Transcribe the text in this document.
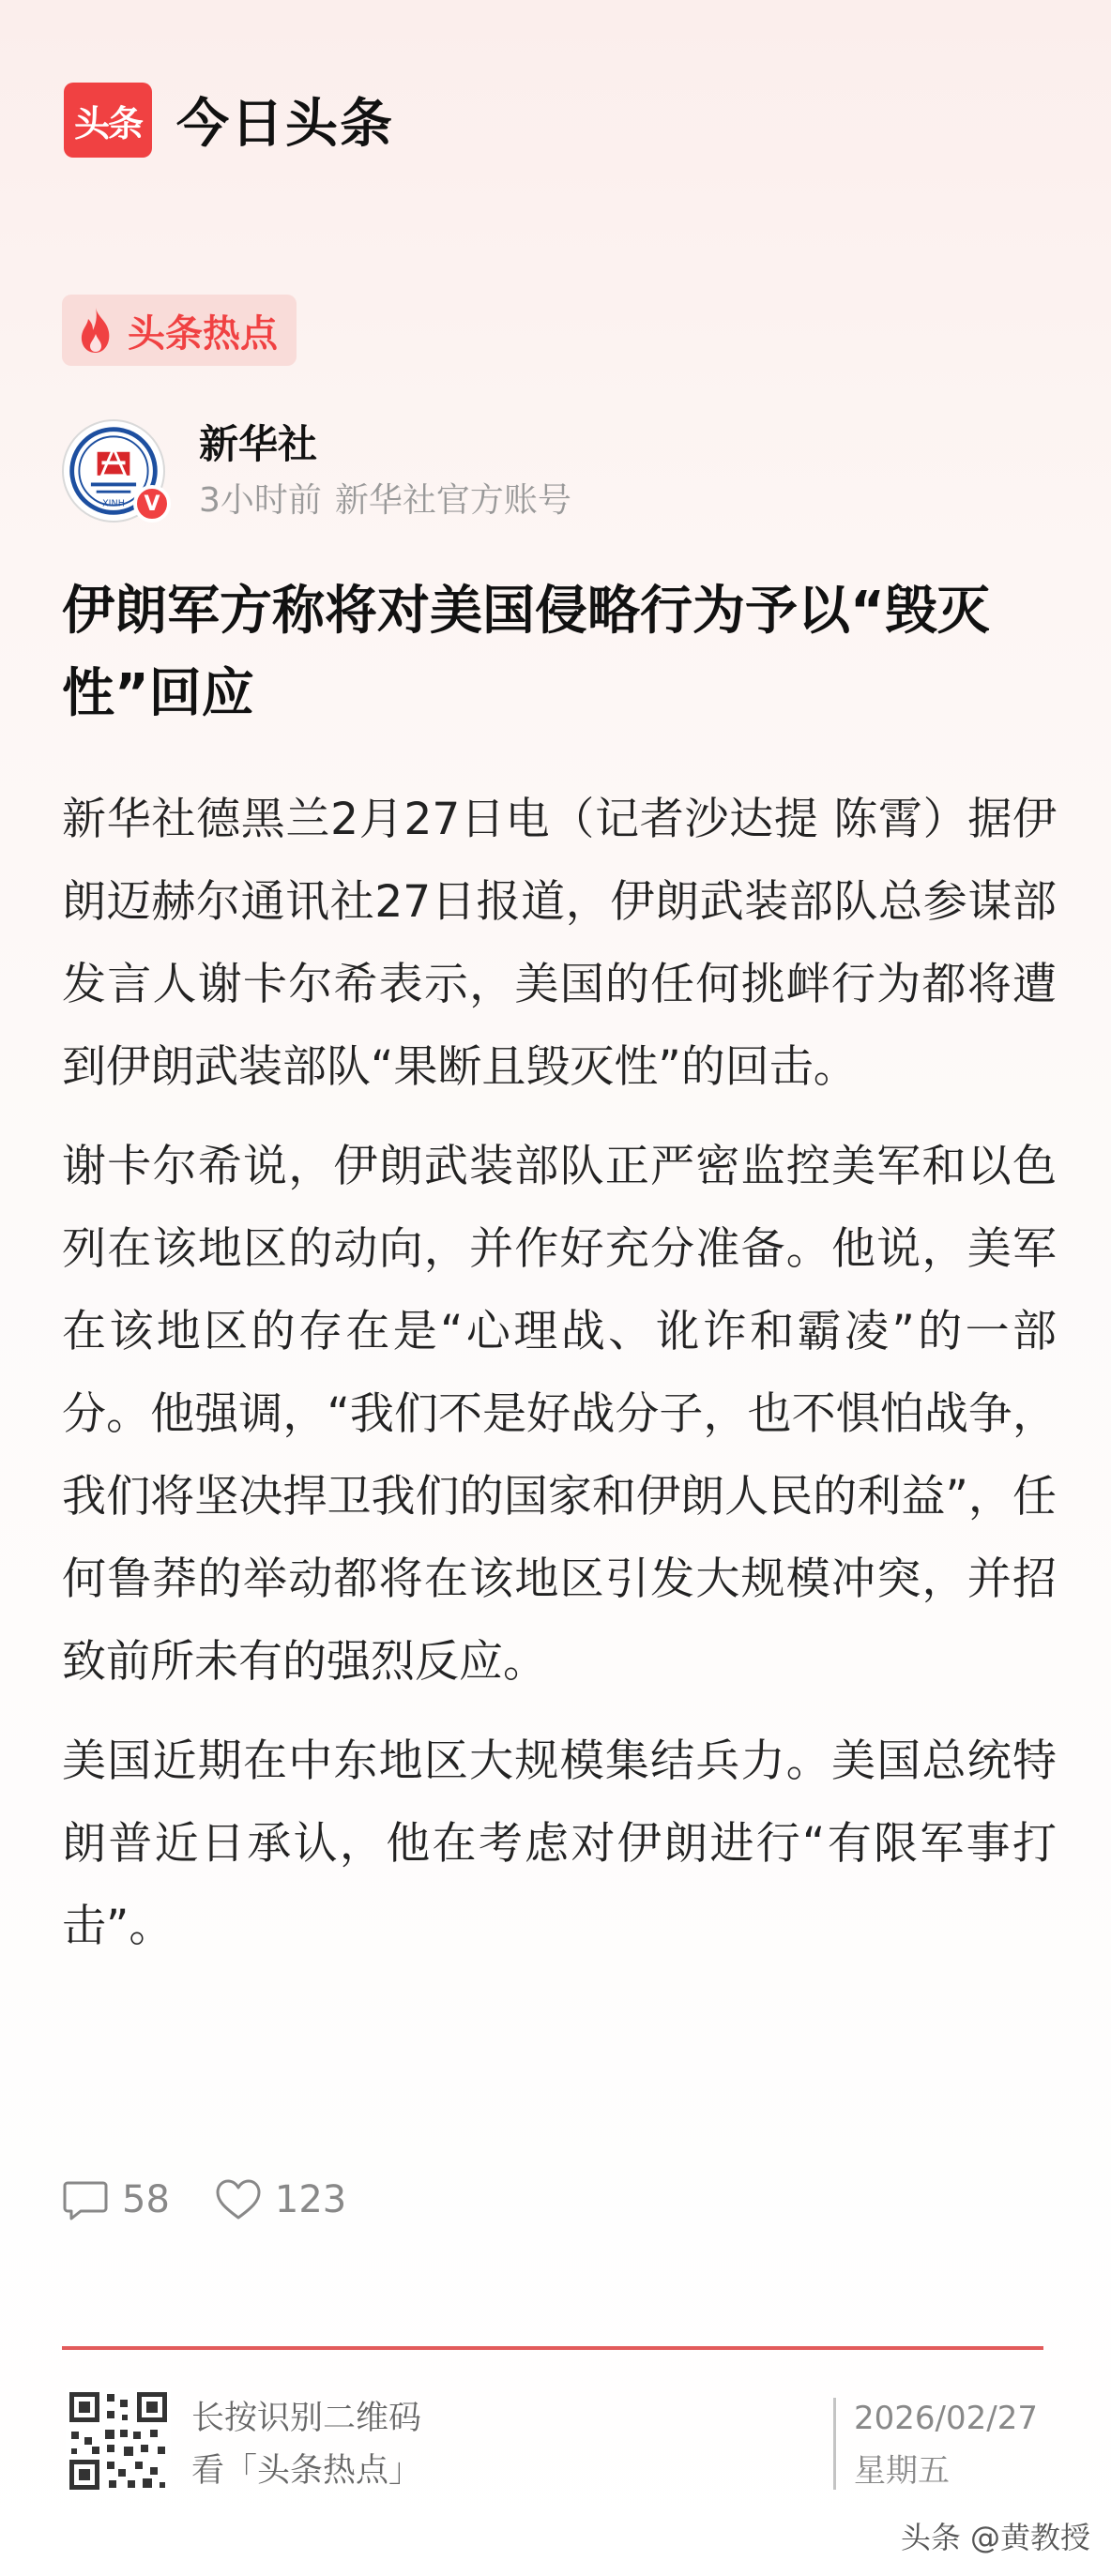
头条 今日头条
头条热点
XINH V
新华社
3小时前 新华社官方账号
伊朗军方称将对美国侵略行为予以“毁灭性”回应

新华社德黑兰2月27日电（记者沙达提 陈霄）据伊朗迈赫尔通讯社27日报道，伊朗武装部队总参谋部发言人谢卡尔希表示，美国的任何挑衅行为都将遭到伊朗武装部队“果断且毁灭性”的回击。

谢卡尔希说，伊朗武装部队正严密监控美军和以色列在该地区的动向，并作好充分准备。他说，美军在该地区的存在是“心理战、讹诈和霸凌”的一部分。他强调，“我们不是好战分子，也不惧怕战争，我们将坚决捍卫我们的国家和伊朗人民的利益”，任何鲁莽的举动都将在该地区引发大规模冲突，并招致前所未有的强烈反应。

美国近期在中东地区大规模集结兵力。美国总统特朗普近日承认，他在考虑对伊朗进行“有限军事打击”。

58	123
长按识别二维码
看「头条热点」
2026/02/27
星期五
头条 @黄教授
